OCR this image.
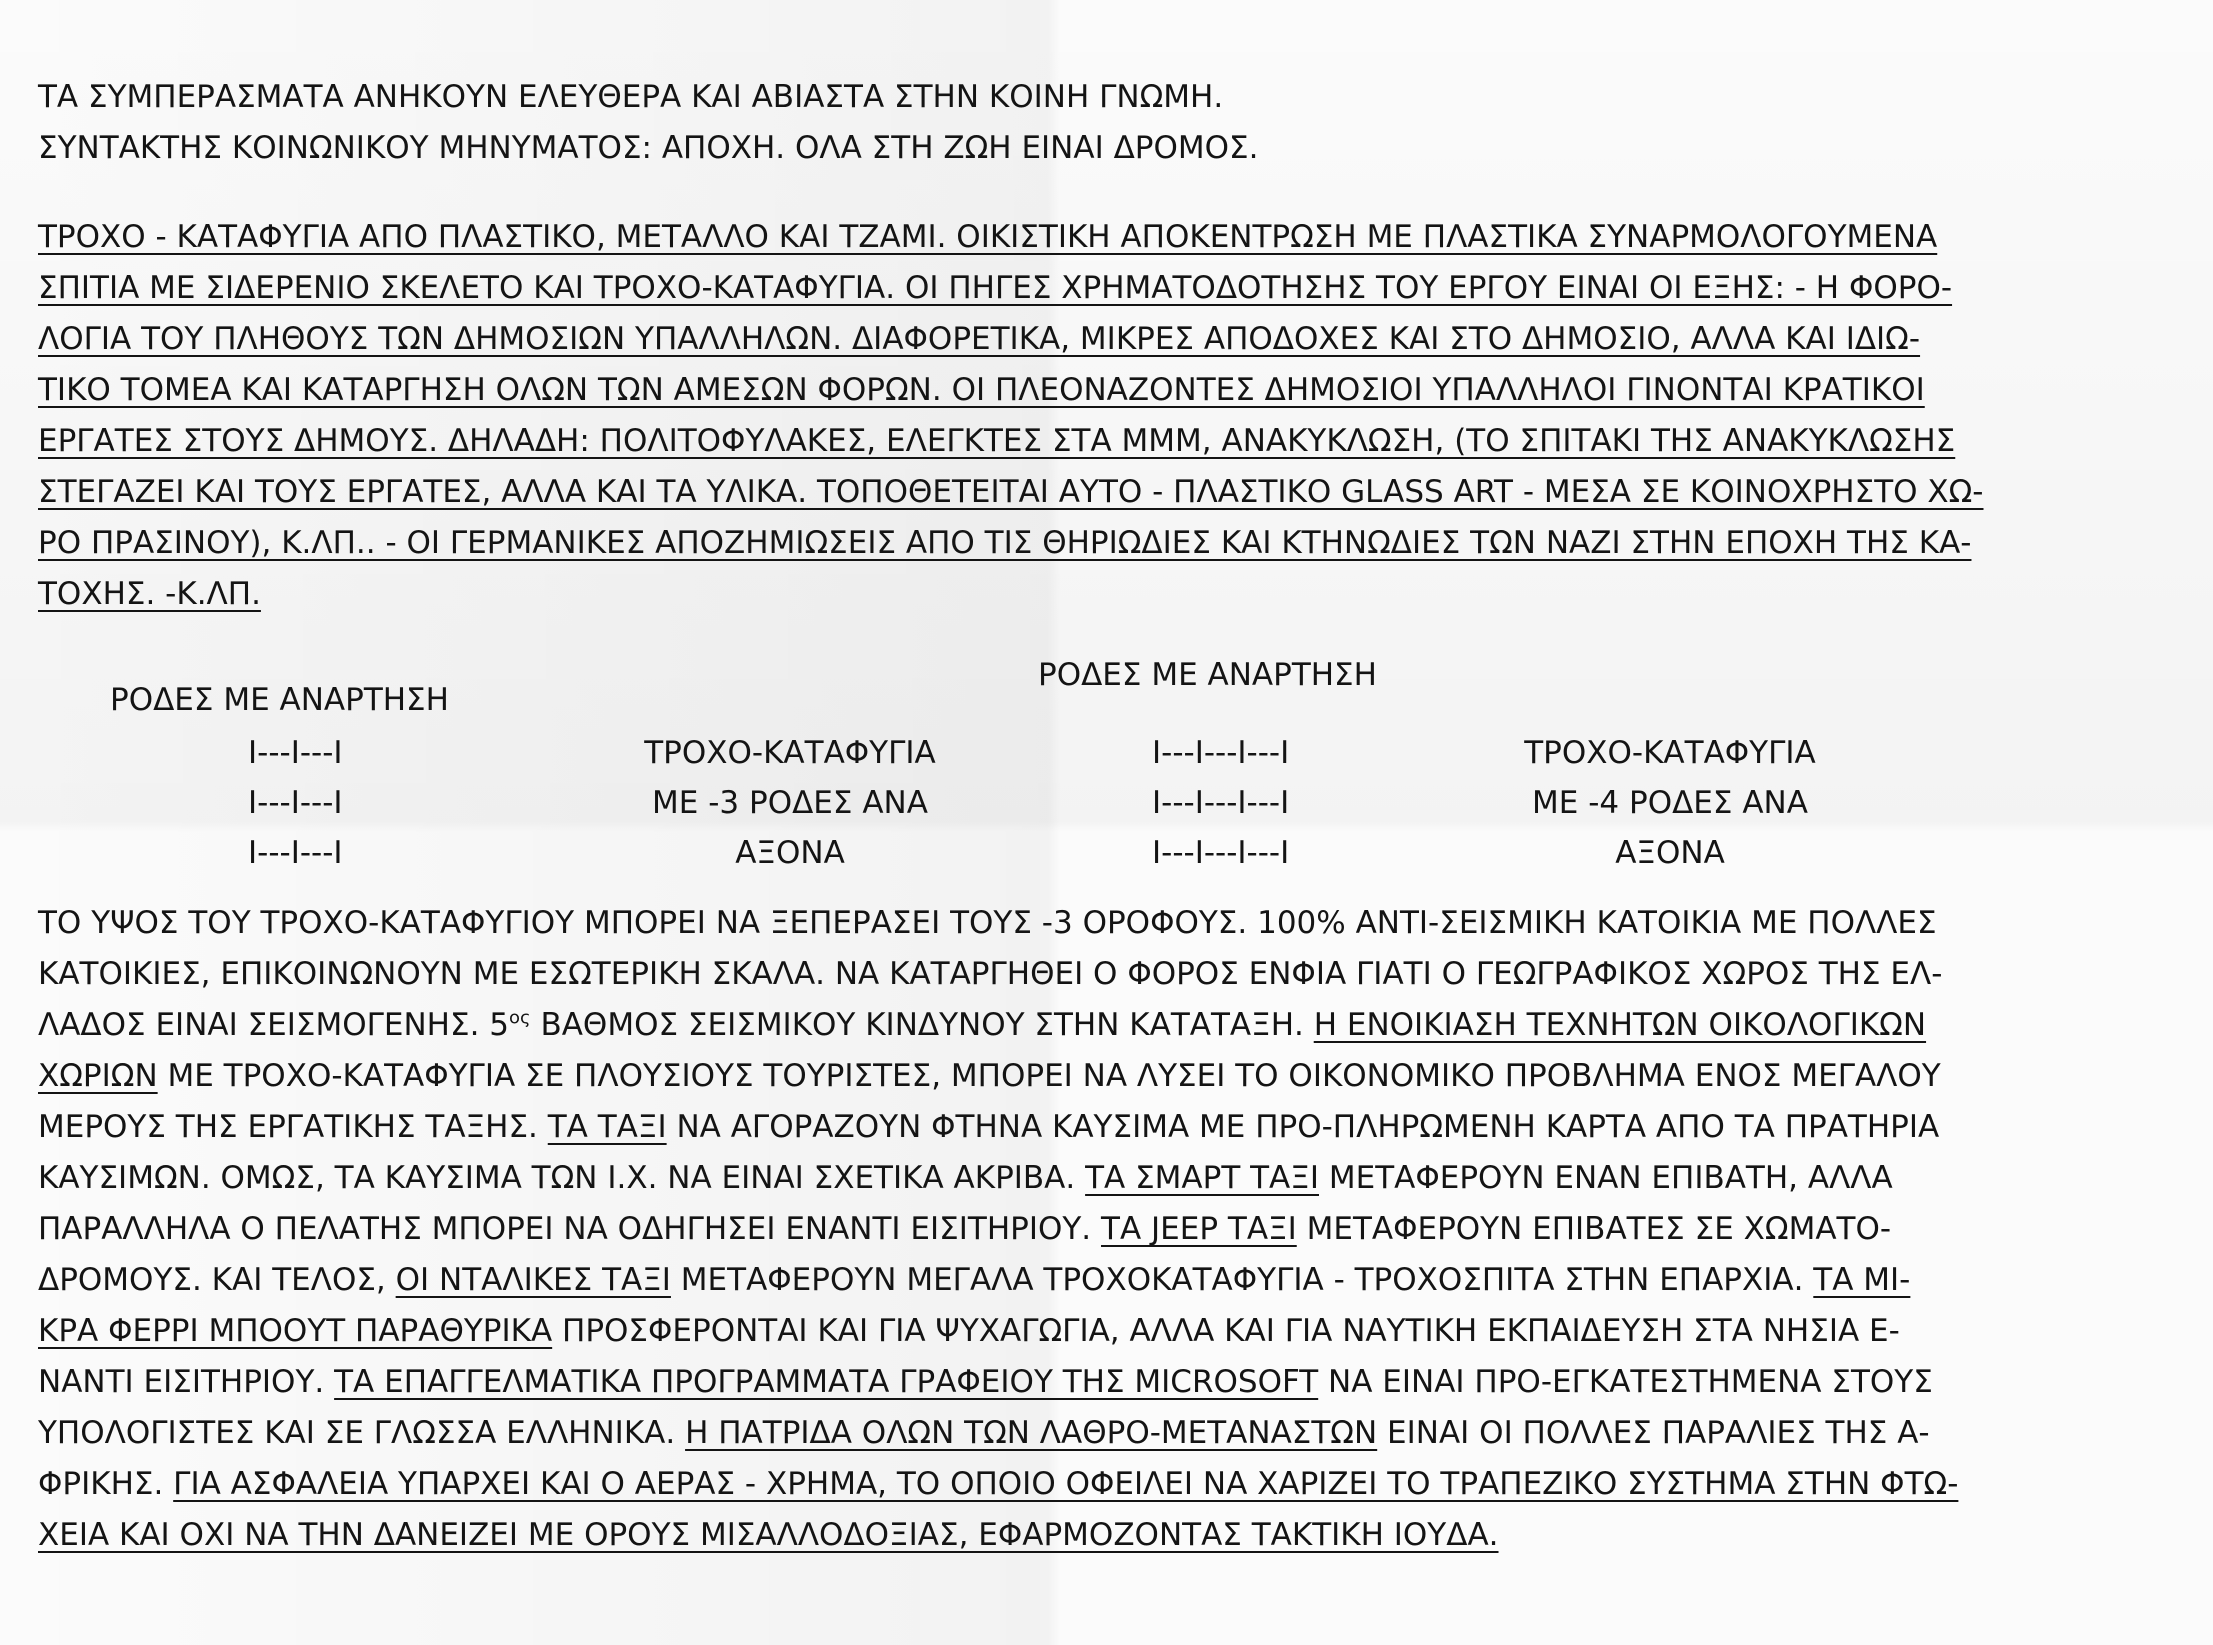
ΤΑ ΣΥΜΠΕΡΑΣΜΑΤΑ ΑΝΗΚΟΥΝ ΕΛΕΥΘΕΡΑ ΚΑΙ ΑΒΙΑΣΤΑ ΣΤΗΝ ΚΟΙΝΗ ΓΝΩΜΗ.
ΣΥΝΤΑΚΤΗΣ ΚΟΙΝΩΝΙΚΟΥ ΜΗΝΥΜΑΤΟΣ: ΑΠΟΧΗ. ΟΛΑ ΣΤΗ ΖΩΗ ΕΙΝΑΙ ΔΡΟΜΟΣ.
ΤΡΟΧΟ - ΚΑΤΑΦΥΓΙΑ ΑΠΟ ΠΛΑΣΤΙΚΟ, ΜΕΤΑΛΛΟ ΚΑΙ ΤΖΑΜΙ. ΟΙΚΙΣΤΙΚΗ ΑΠΟΚΕΝΤΡΩΣΗ ΜΕ ΠΛΑΣΤΙΚΑ ΣΥΝΑΡΜΟΛΟΓΟΥΜΕΝΑ
ΣΠΙΤΙΑ ΜΕ ΣΙΔΕΡΕΝΙΟ ΣΚΕΛΕΤΟ ΚΑΙ ΤΡΟΧΟ-ΚΑΤΑΦΥΓΙΑ. ΟΙ ΠΗΓΕΣ ΧΡΗΜΑΤΟΔΟΤΗΣΗΣ ΤΟΥ ΕΡΓΟΥ ΕΙΝΑΙ ΟΙ ΕΞΗΣ: - Η ΦΟΡΟ-
ΛΟΓΙΑ ΤΟΥ ΠΛΗΘΟΥΣ ΤΩΝ ΔΗΜΟΣΙΩΝ ΥΠΑΛΛΗΛΩΝ. ΔΙΑΦΟΡΕΤΙΚΑ, ΜΙΚΡΕΣ ΑΠΟΔΟΧΕΣ ΚΑΙ ΣΤΟ ΔΗΜΟΣΙΟ, ΑΛΛΑ ΚΑΙ ΙΔΙΩ-
ΤΙΚΟ ΤΟΜΕΑ ΚΑΙ ΚΑΤΑΡΓΗΣΗ ΟΛΩΝ ΤΩΝ ΑΜΕΣΩΝ ΦΟΡΩΝ. ΟΙ ΠΛΕΟΝΑΖΟΝΤΕΣ ΔΗΜΟΣΙΟΙ ΥΠΑΛΛΗΛΟΙ ΓΙΝΟΝΤΑΙ ΚΡΑΤΙΚΟΙ
ΕΡΓΑΤΕΣ ΣΤΟΥΣ ΔΗΜΟΥΣ. ΔΗΛΑΔΗ: ΠΟΛΙΤΟΦΥΛΑΚΕΣ, ΕΛΕΓΚΤΕΣ ΣΤΑ ΜΜΜ, ΑΝΑΚΥΚΛΩΣΗ, (ΤΟ ΣΠΙΤΑΚΙ ΤΗΣ ΑΝΑΚΥΚΛΩΣΗΣ
ΣΤΕΓΑΖΕΙ ΚΑΙ ΤΟΥΣ ΕΡΓΑΤΕΣ, ΑΛΛΑ ΚΑΙ ΤΑ ΥΛΙΚΑ. ΤΟΠΟΘΕΤΕΙΤΑΙ ΑΥΤΟ - ΠΛΑΣΤΙΚΟ GLASS ART - ΜΕΣΑ ΣΕ ΚΟΙΝΟΧΡΗΣΤΟ ΧΩ-
ΡΟ ΠΡΑΣΙΝΟΥ), Κ.ΛΠ.. - ΟΙ ΓΕΡΜΑΝΙΚΕΣ ΑΠΟΖΗΜΙΩΣΕΙΣ ΑΠΟ ΤΙΣ ΘΗΡΙΩΔΙΕΣ ΚΑΙ ΚΤΗΝΩΔΙΕΣ ΤΩΝ ΝΑΖΙ ΣΤΗΝ ΕΠΟΧΗ ΤΗΣ ΚΑ-
ΤΟΧΗΣ. -Κ.ΛΠ.
ΡΟΔΕΣ ΜΕ ΑΝΑΡΤΗΣΗ
I---I---I
I---I---I
I---I---I
ΤΡΟΧΟ-ΚΑΤΑΦΥΓΙΑ
ΜΕ -3 ΡΟΔΕΣ ΑΝΑ
ΑΞΟΝΑ
ΡΟΔΕΣ ΜΕ ΑΝΑΡΤΗΣΗ
I---I---I---I
I---I---I---I
I---I---I---I
ΤΡΟΧΟ-ΚΑΤΑΦΥΓΙΑ
ΜΕ -4 ΡΟΔΕΣ ΑΝΑ
ΑΞΟΝΑ
ΤΟ ΥΨΟΣ ΤΟΥ ΤΡΟΧΟ-ΚΑΤΑΦΥΓΙΟΥ ΜΠΟΡΕΙ ΝΑ ΞΕΠΕΡΑΣΕΙ ΤΟΥΣ -3 ΟΡΟΦΟΥΣ. 100% ΑΝΤΙ-ΣΕΙΣΜΙΚΗ ΚΑΤΟΙΚΙΑ ΜΕ ΠΟΛΛΕΣ
ΚΑΤΟΙΚΙΕΣ, ΕΠΙΚΟΙΝΩΝΟΥΝ ΜΕ ΕΣΩΤΕΡΙΚΗ ΣΚΑΛΑ. ΝΑ ΚΑΤΑΡΓΗΘΕΙ Ο ΦΟΡΟΣ ΕΝΦΙΑ ΓΙΑΤΙ Ο ΓΕΩΓΡΑΦΙΚΟΣ ΧΩΡΟΣ ΤΗΣ ΕΛ-
ΛΑΔΟΣ ΕΙΝΑΙ ΣΕΙΣΜΟΓΕΝΗΣ. $5^{o\varsigma}$ ΒΑΘΜΟΣ ΣΕΙΣΜΙΚΟΥ ΚΙΝΔΥΝΟΥ ΣΤΗΝ ΚΑΤΑΤΑΞΗ. Η ΕΝΟΙΚΙΑΣΗ ΤΕΧΝΗΤΩΝ ΟΙΚΟΛΟΓΙΚΩΝ
ΧΩΡΙΩΝ ΜΕ ΤΡΟΧΟ-ΚΑΤΑΦΥΓΙΑ ΣΕ ΠΛΟΥΣΙΟΥΣ ΤΟΥΡΙΣΤΕΣ, ΜΠΟΡΕΙ ΝΑ ΛΥΣΕΙ ΤΟ ΟΙΚΟΝΟΜΙΚΟ ΠΡΟΒΛΗΜΑ ΕΝΟΣ ΜΕΓΑΛΟΥ
ΜΕΡΟΥΣ ΤΗΣ ΕΡΓΑΤΙΚΗΣ ΤΑΞΗΣ. ΤΑ ΤΑΞΙ ΝΑ ΑΓΟΡΑΖΟΥΝ ΦΤΗΝΑ ΚΑΥΣΙΜΑ ΜΕ ΠΡΟ-ΠΛΗΡΩΜΕΝΗ ΚΑΡΤΑ ΑΠΟ ΤΑ ΠΡΑΤΗΡΙΑ
ΚΑΥΣΙΜΩΝ. ΟΜΩΣ, ΤΑ ΚΑΥΣΙΜΑ ΤΩΝ Ι.Χ. ΝΑ ΕΙΝΑΙ ΣΧΕΤΙΚΑ ΑΚΡΙΒΑ. ΤΑ ΣΜΑΡΤ ΤΑΞΙ ΜΕΤΑΦΕΡΟΥΝ ΕΝΑΝ ΕΠΙΒΑΤΗ, ΑΛΛΑ
ΠΑΡΑΛΛΗΛΑ Ο ΠΕΛΑΤΗΣ ΜΠΟΡΕΙ ΝΑ ΟΔΗΓΗΣΕΙ ΕΝΑΝΤΙ ΕΙΣΙΤΗΡΙΟΥ. ΤΑ JEEP ΤΑΞΙ ΜΕΤΑΦΕΡΟΥΝ ΕΠΙΒΑΤΕΣ ΣΕ ΧΩΜΑΤΟ-
ΔΡΟΜΟΥΣ. ΚΑΙ ΤΕΛΟΣ, ΟΙ ΝΤΑΛΙΚΕΣ ΤΑΞΙ ΜΕΤΑΦΕΡΟΥΝ ΜΕΓΑΛΑ ΤΡΟΧΟΚΑΤΑΦΥΓΙΑ - ΤΡΟΧΟΣΠΙΤΑ ΣΤΗΝ ΕΠΑΡΧΙΑ. ΤΑ ΜΙ-
ΚΡΑ ΦΕΡΡΙ ΜΠΟΟΥΤ ΠΑΡΑΘΥΡΙΚΑ ΠΡΟΣΦΕΡΟΝΤΑΙ ΚΑΙ ΓΙΑ ΨΥΧΑΓΩΓΙΑ, ΑΛΛΑ ΚΑΙ ΓΙΑ ΝΑΥΤΙΚΗ ΕΚΠΑΙΔΕΥΣΗ ΣΤΑ ΝΗΣΙΑ Ε-
ΝΑΝΤΙ ΕΙΣΙΤΗΡΙΟΥ. ΤΑ ΕΠΑΓΓΕΛΜΑΤΙΚΑ ΠΡΟΓΡΑΜΜΑΤΑ ΓΡΑΦΕΙΟΥ ΤΗΣ MICROSOFT ΝΑ ΕΙΝΑΙ ΠΡΟ-ΕΓΚΑΤΕΣΤΗΜΕΝΑ ΣΤΟΥΣ
ΥΠΟΛΟΓΙΣΤΕΣ ΚΑΙ ΣΕ ΓΛΩΣΣΑ ΕΛΛΗΝΙΚΑ. Η ΠΑΤΡΙΔΑ ΟΛΩΝ ΤΩΝ ΛΑΘΡΟ-ΜΕΤΑΝΑΣΤΩΝ ΕΙΝΑΙ ΟΙ ΠΟΛΛΕΣ ΠΑΡΑΛΙΕΣ ΤΗΣ Α-
ΦΡΙΚΗΣ. ΓΙΑ ΑΣΦΑΛΕΙΑ ΥΠΑΡΧΕΙ ΚΑΙ Ο ΑΕΡΑΣ - ΧΡΗΜΑ, ΤΟ ΟΠΟΙΟ ΟΦΕΙΛΕΙ ΝΑ ΧΑΡΙΖΕΙ ΤΟ ΤΡΑΠΕΖΙΚΟ ΣΥΣΤΗΜΑ ΣΤΗΝ ΦΤΩ-
ΧΕΙΑ ΚΑΙ ΟΧΙ ΝΑ ΤΗΝ ΔΑΝΕΙΖΕΙ ΜΕ ΟΡΟΥΣ ΜΙΣΑΛΛΟΔΟΞΙΑΣ, ΕΦΑΡΜΟΖΟΝΤΑΣ ΤΑΚΤΙΚΗ ΙΟΥΔΑ.
